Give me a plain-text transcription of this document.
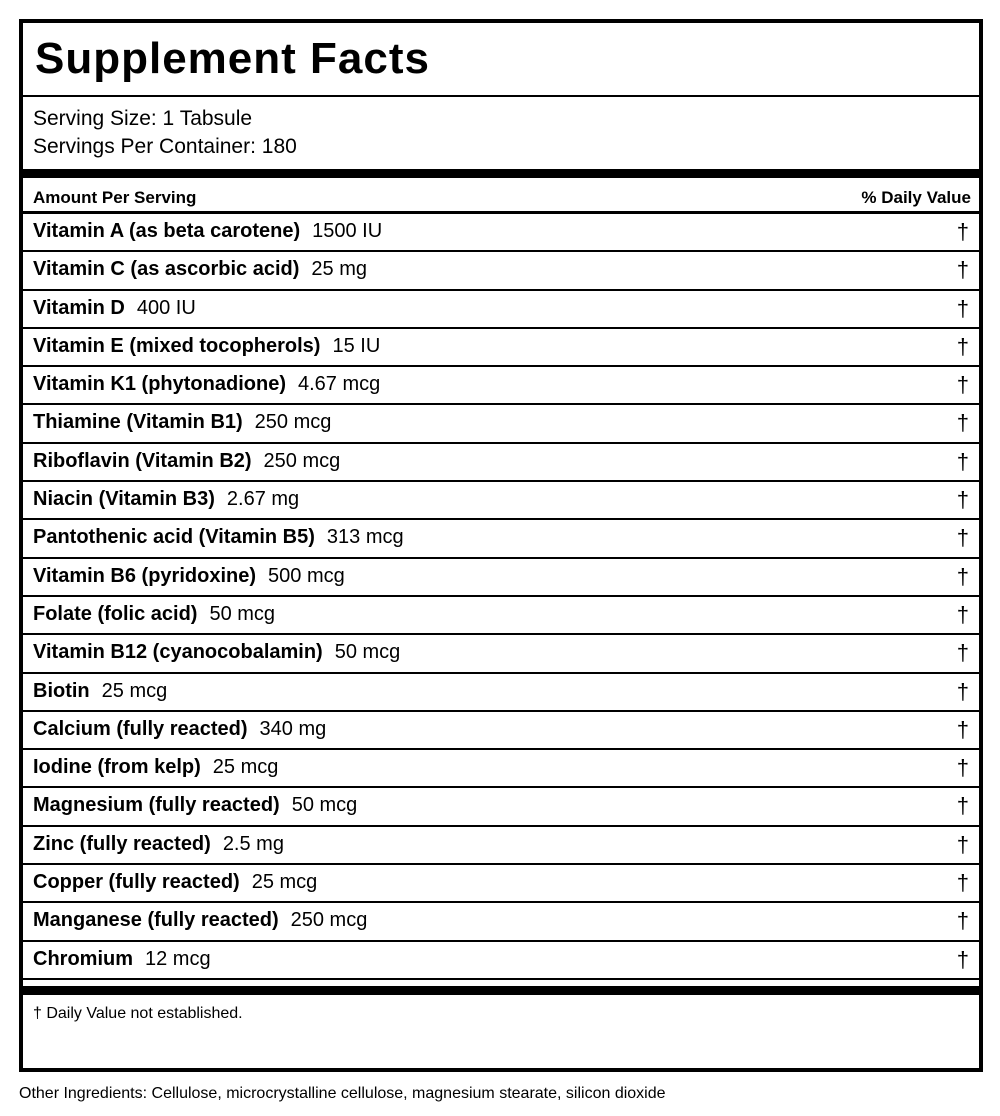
Supplement Facts
Serving Size: 1 Tabsule
Servings Per Container: 180
Amount Per Serving	% Daily Value
Vitamin A (as beta carotene) 1500 IU	†
Vitamin C (as ascorbic acid) 25 mg	†
Vitamin D 400 IU	†
Vitamin E (mixed tocopherols) 15 IU	†
Vitamin K1 (phytonadione) 4.67 mcg	†
Thiamine (Vitamin B1) 250 mcg	†
Riboflavin (Vitamin B2) 250 mcg	†
Niacin (Vitamin B3) 2.67 mg	†
Pantothenic acid (Vitamin B5) 313 mcg	†
Vitamin B6 (pyridoxine) 500 mcg	†
Folate (folic acid) 50 mcg	†
Vitamin B12 (cyanocobalamin) 50 mcg	†
Biotin 25 mcg	†
Calcium (fully reacted) 340 mg	†
Iodine (from kelp) 25 mcg	†
Magnesium (fully reacted) 50 mcg	†
Zinc (fully reacted) 2.5 mg	†
Copper (fully reacted) 25 mcg	†
Manganese (fully reacted) 250 mcg	†
Chromium 12 mcg	†
† Daily Value not established.
Other Ingredients: Cellulose, microcrystalline cellulose, magnesium stearate, silicon dioxide
